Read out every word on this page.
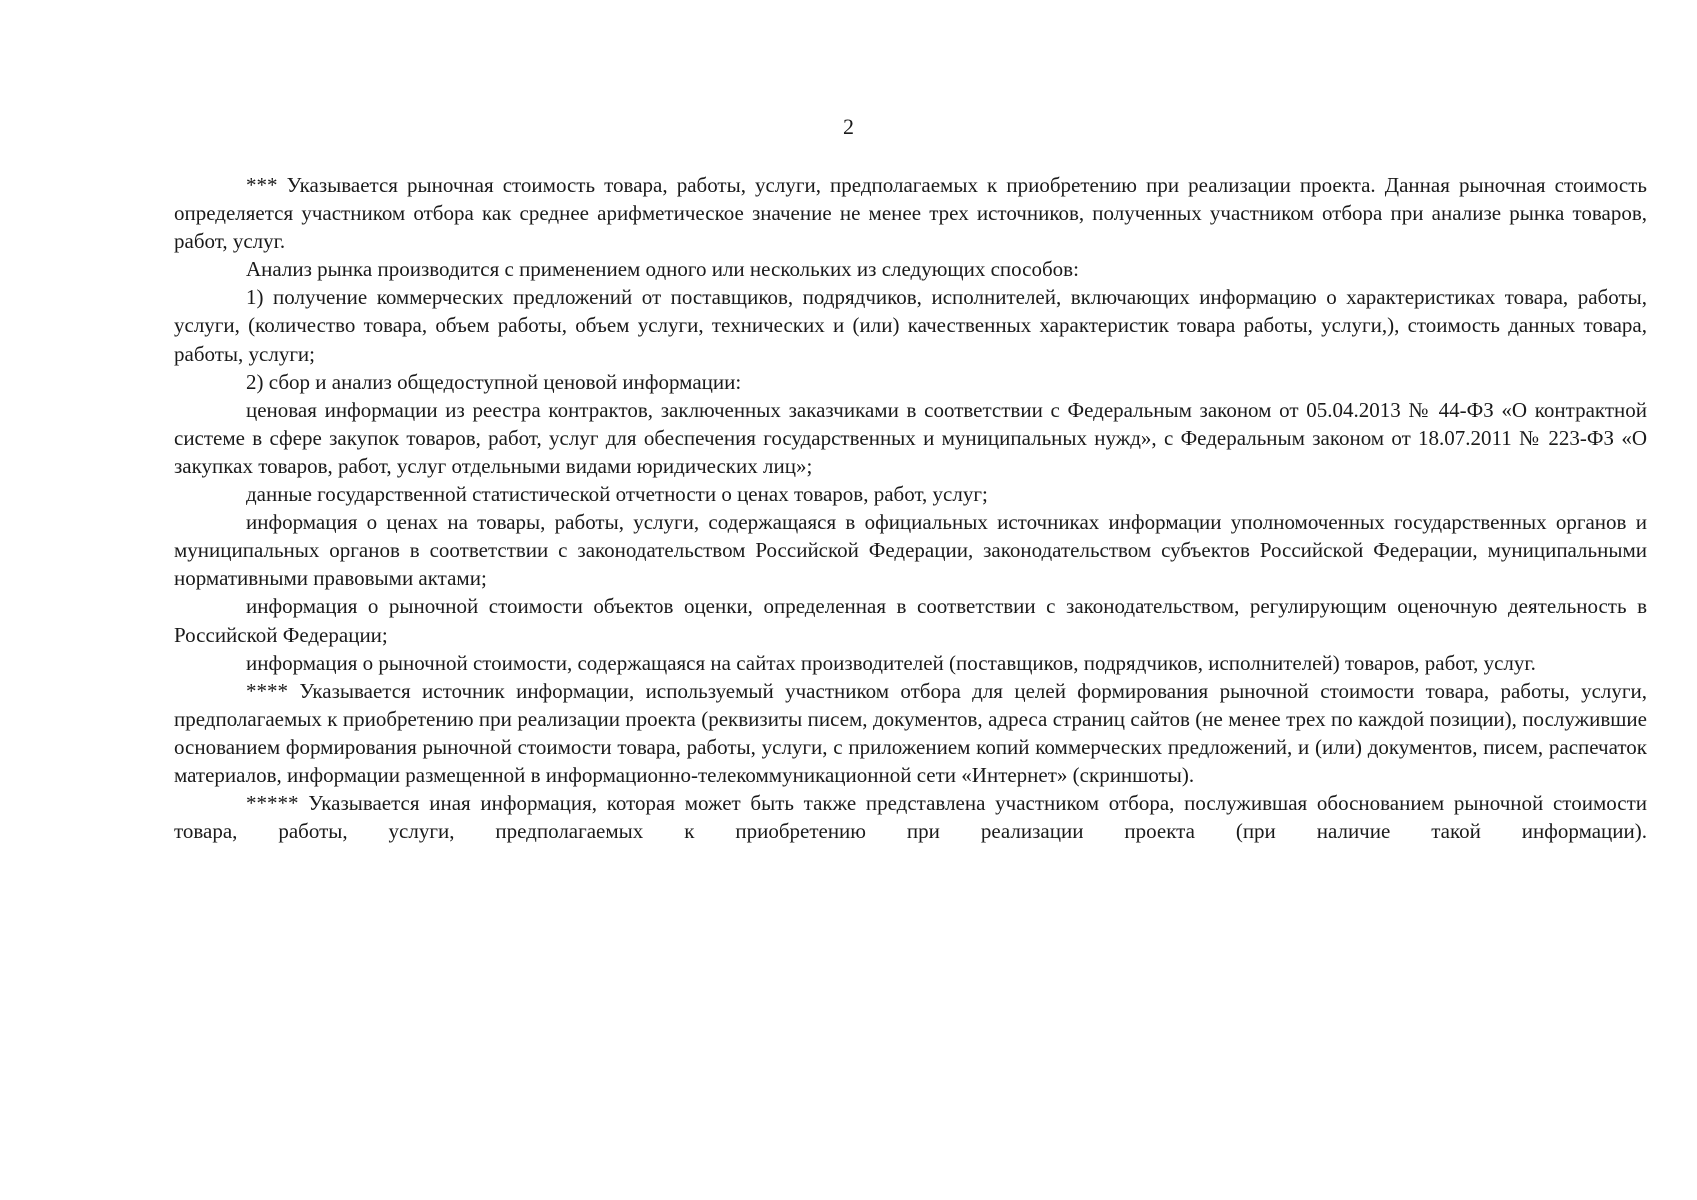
2

*** Указывается рыночная стоимость товара, работы, услуги, предполагаемых к приобретению при реализации проекта. Данная рыночная стоимость определяется участником отбора как среднее арифметическое значение не менее трех источников, полученных участником отбора при анализе рынка товаров, работ, услуг.

Анализ рынка производится с применением одного или нескольких из следующих способов:

1) получение коммерческих предложений от поставщиков, подрядчиков, исполнителей, включающих информацию о характеристиках товара, работы, услуги, (количество товара, объем работы, объем услуги, технических и (или) качественных характеристик товара работы, услуги,), стоимость данных товара, работы, услуги;

2) сбор и анализ общедоступной ценовой информации:

ценовая информации из реестра контрактов, заключенных заказчиками в соответствии с Федеральным законом от 05.04.2013 № 44-ФЗ «О контрактной системе в сфере закупок товаров, работ, услуг для обеспечения государственных и муниципальных нужд», с Федеральным законом от 18.07.2011 № 223-ФЗ «О закупках товаров, работ, услуг отдельными видами юридических лиц»;

данные государственной статистической отчетности о ценах товаров, работ, услуг;

информация о ценах на товары, работы, услуги, содержащаяся в официальных источниках информации уполномоченных государственных органов и муниципальных органов в соответствии с законодательством Российской Федерации, законодательством субъектов Российской Федерации, муниципальными нормативными правовыми актами;

информация о рыночной стоимости объектов оценки, определенная в соответствии с законодательством, регулирующим оценочную деятельность в Российской Федерации;

информация о рыночной стоимости, содержащаяся на сайтах производителей (поставщиков, подрядчиков, исполнителей) товаров, работ, услуг.

**** Указывается источник информации, используемый участником отбора для целей формирования рыночной стоимости товара, работы, услуги, предполагаемых к приобретению при реализации проекта (реквизиты писем, документов, адреса страниц сайтов (не менее трех по каждой позиции), послужившие основанием формирования рыночной стоимости товара, работы, услуги, с приложением копий коммерческих предложений, и (или) документов, писем, распечаток материалов, информации размещенной в информационно-телекоммуникационной сети «Интернет» (скриншоты).

***** Указывается иная информация, которая может быть также представлена участником отбора, послужившая обоснованием рыночной стоимости товара, работы, услуги, предполагаемых к приобретению при реализации проекта (при наличие такой информации).
